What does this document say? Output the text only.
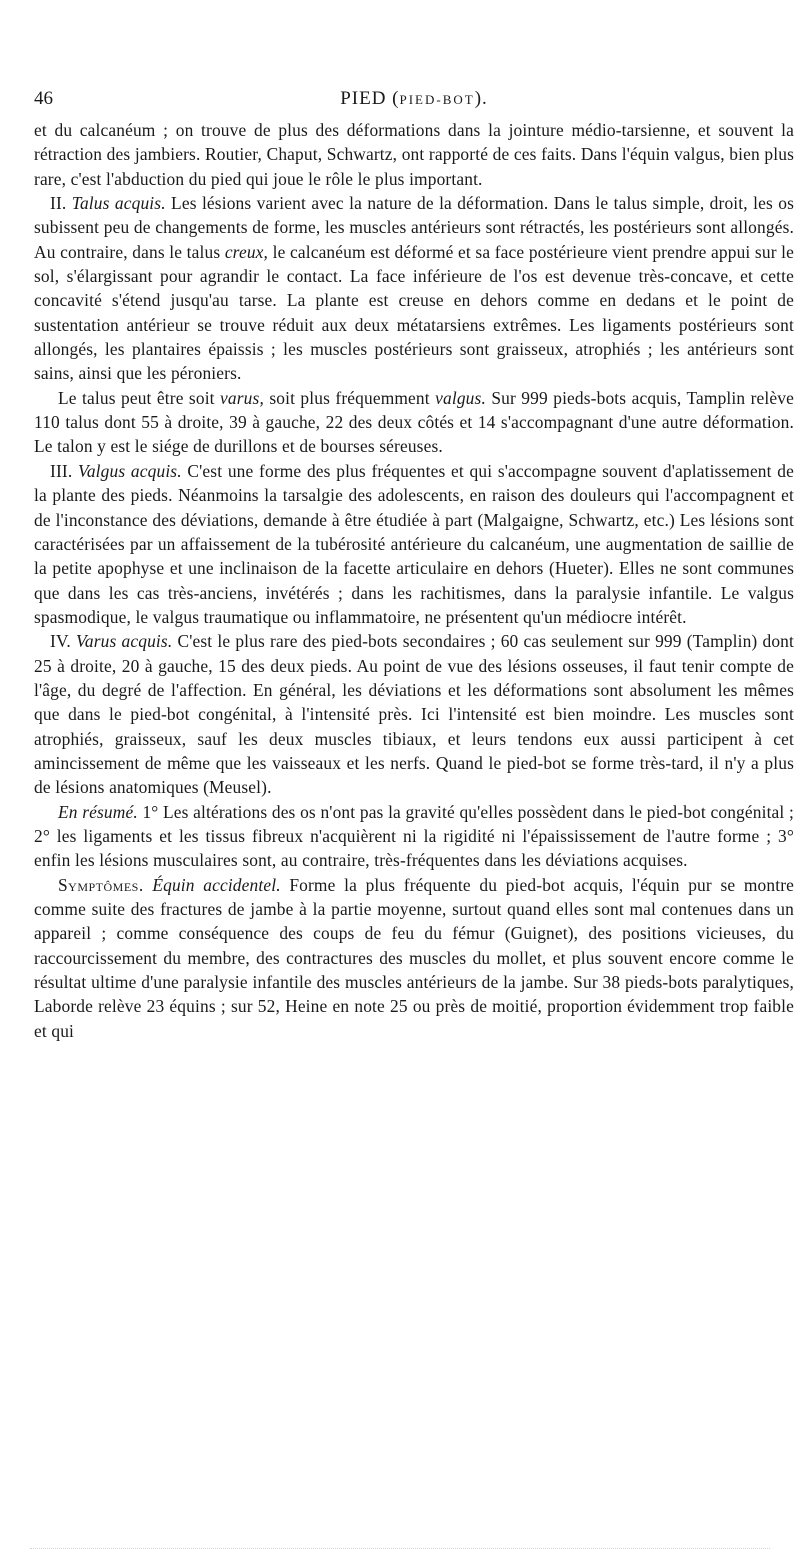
46	PIED (PIED-BOT).

et du calcanéum ; on trouve de plus des déformations dans la jointure médio-tarsienne, et souvent la rétraction des jambiers. Routier, Chaput, Schwartz, ont rapporté de ces faits. Dans l'équin valgus, bien plus rare, c'est l'abduction du pied qui joue le rôle le plus important.

II. Talus acquis. Les lésions varient avec la nature de la déformation. Dans le talus simple, droit, les os subissent peu de changements de forme, les muscles antérieurs sont rétractés, les postérieurs sont allongés. Au contraire, dans le talus creux, le calcanéum est déformé et sa face postérieure vient prendre appui sur le sol, s'élargissant pour agrandir le contact. La face inférieure de l'os est devenue très-concave, et cette concavité s'étend jusqu'au tarse. La plante est creuse en dehors comme en dedans et le point de sustentation antérieur se trouve réduit aux deux métatarsiens extrêmes. Les ligaments postérieurs sont allongés, les plantaires épaissis ; les muscles postérieurs sont graisseux, atrophiés ; les antérieurs sont sains, ainsi que les péroniers.

Le talus peut être soit varus, soit plus fréquemment valgus. Sur 999 pieds-bots acquis, Tamplin relève 110 talus dont 55 à droite, 39 à gauche, 22 des deux côtés et 14 s'accompagnant d'une autre déformation. Le talon y est le siége de durillons et de bourses séreuses.

III. Valgus acquis. C'est une forme des plus fréquentes et qui s'accompagne souvent d'aplatissement de la plante des pieds. Néanmoins la tarsalgie des adolescents, en raison des douleurs qui l'accompagnent et de l'inconstance des déviations, demande à être étudiée à part (Malgaigne, Schwartz, etc.) Les lésions sont caractérisées par un affaissement de la tubérosité antérieure du calcanéum, une augmentation de saillie de la petite apophyse et une inclinaison de la facette articulaire en dehors (Hueter). Elles ne sont communes que dans les cas très-anciens, invétérés ; dans les rachitismes, dans la paralysie infantile. Le valgus spasmodique, le valgus traumatique ou inflammatoire, ne présentent qu'un médiocre intérêt.

IV. Varus acquis. C'est le plus rare des pied-bots secondaires ; 60 cas seulement sur 999 (Tamplin) dont 25 à droite, 20 à gauche, 15 des deux pieds. Au point de vue des lésions osseuses, il faut tenir compte de l'âge, du degré de l'affection. En général, les déviations et les déformations sont absolument les mêmes que dans le pied-bot congénital, à l'intensité près. Ici l'intensité est bien moindre. Les muscles sont atrophiés, graisseux, sauf les deux muscles tibiaux, et leurs tendons eux aussi participent à cet amincissement de même que les vaisseaux et les nerfs. Quand le pied-bot se forme très-tard, il n'y a plus de lésions anatomiques (Meusel).

En résumé. 1° Les altérations des os n'ont pas la gravité qu'elles possèdent dans le pied-bot congénital ; 2° les ligaments et les tissus fibreux n'acquièrent ni la rigidité ni l'épaississement de l'autre forme ; 3° enfin les lésions musculaires sont, au contraire, très-fréquentes dans les déviations acquises.

Symptômes. Équin accidentel. Forme la plus fréquente du pied-bot acquis, l'équin pur se montre comme suite des fractures de jambe à la partie moyenne, surtout quand elles sont mal contenues dans un appareil ; comme conséquence des coups de feu du fémur (Guignet), des positions vicieuses, du raccourcissement du membre, des contractures des muscles du mollet, et plus souvent encore comme le résultat ultime d'une paralysie infantile des muscles antérieurs de la jambe. Sur 38 pieds-bots paralytiques, Laborde relève 23 équins ; sur 52, Heine en note 25 ou près de moitié, proportion évidemment trop faible et qui
